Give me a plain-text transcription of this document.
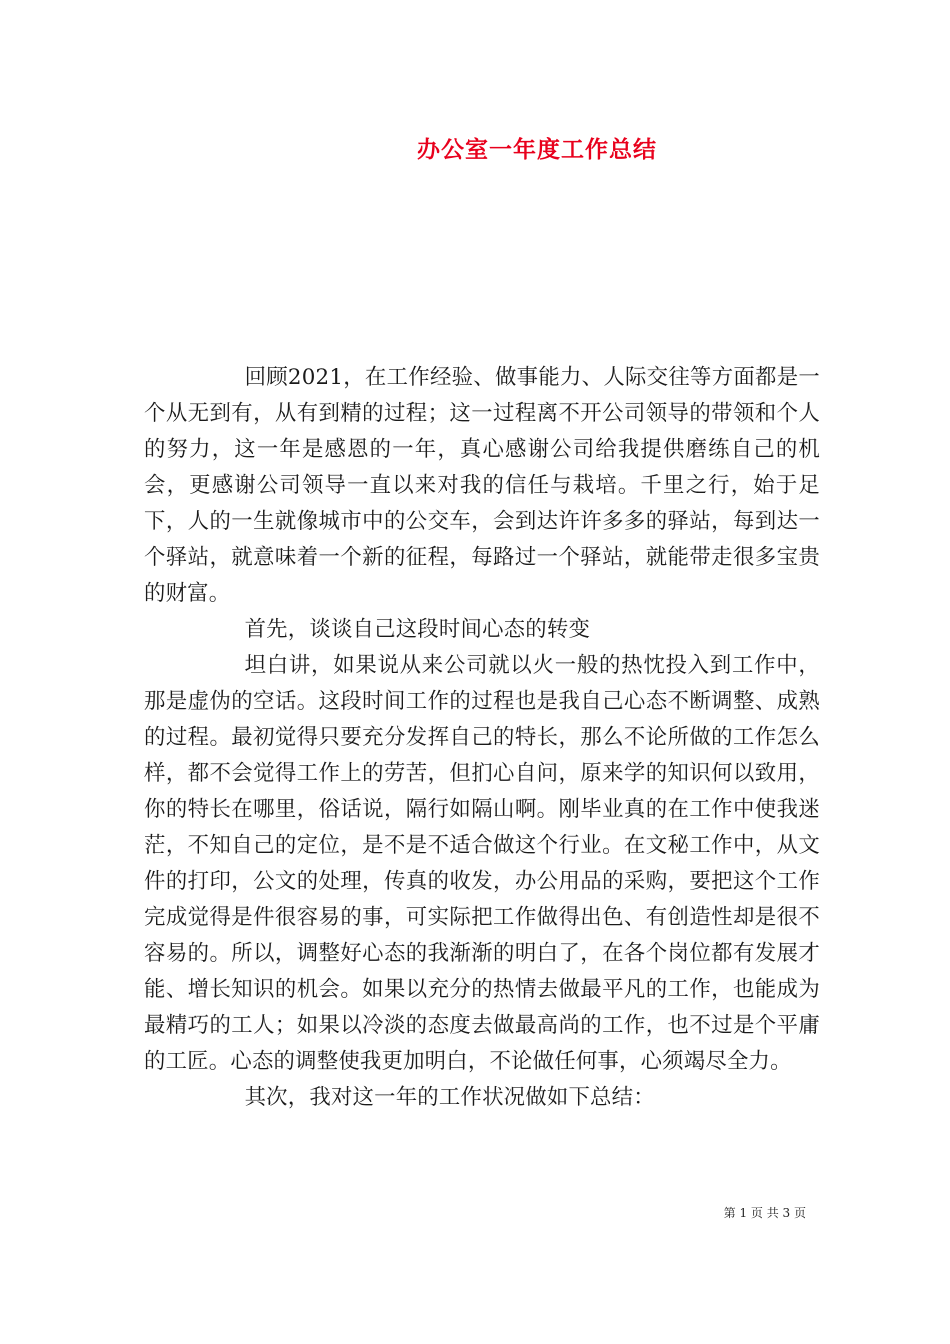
办公室一年度工作总结

回顾2021，在工作经验、做事能力、人际交往等方面都是一个从无到有，从有到精的过程；这一过程离不开公司领导的带领和个人的努力，这一年是感恩的一年，真心感谢公司给我提供磨练自己的机会，更感谢公司领导一直以来对我的信任与栽培。千里之行，始于足下，人的一生就像城市中的公交车，会到达许许多多的驿站，每到达一个驿站，就意味着一个新的征程，每路过一个驿站，就能带走很多宝贵的财富。

首先，谈谈自己这段时间心态的转变

坦白讲，如果说从来公司就以火一般的热忱投入到工作中，那是虚伪的空话。这段时间工作的过程也是我自己心态不断调整、成熟的过程。最初觉得只要充分发挥自己的特长，那么不论所做的工作怎么样，都不会觉得工作上的劳苦，但扪心自问，原来学的知识何以致用，你的特长在哪里，俗话说，隔行如隔山啊。刚毕业真的在工作中使我迷茫，不知自己的定位，是不是不适合做这个行业。在文秘工作中，从文件的打印，公文的处理，传真的收发，办公用品的采购，要把这个工作完成觉得是件很容易的事，可实际把工作做得出色、有创造性却是很不容易的。所以，调整好心态的我渐渐的明白了，在各个岗位都有发展才能、增长知识的机会。如果以充分的热情去做最平凡的工作，也能成为最精巧的工人；如果以冷淡的态度去做最高尚的工作，也不过是个平庸的工匠。心态的调整使我更加明白，不论做任何事，心须竭尽全力。

其次，我对这一年的工作状况做如下总结：

第 1 页 共 3 页
